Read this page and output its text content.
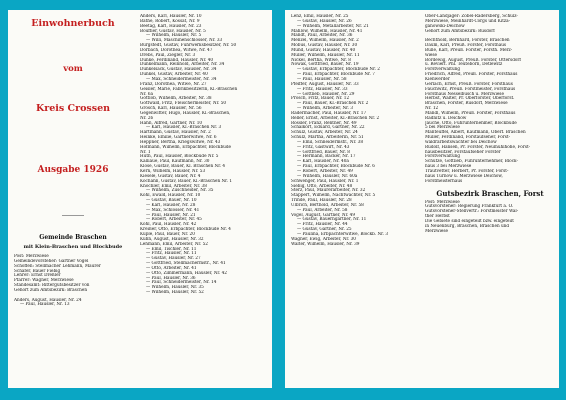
Einwohnerbuch
vom
Kreis Crossen
Ausgabe 1926
Gemeinde Braschen
mit Klein-Braschen und Blockbude
Post: Merzwiese
Gemeindevorsteher: Gärtner Vogel
Schöffen: Stellmacher Lehmann, Maurer
Schäfer, Bauer Fiebig
Lehrer: Ernst Dreßler
Pfarrer: Wagner, Merzwiese
Standesamt: Rittergutsbesitzer von
Gehört zum Amtsbezirk: Braschen
Anders, August, Häusler, Nr. 24
— Paul, Häusler, Nr. 13
Anders, Karl, Häusler, Nr. 10
Bathe, Robert, Kossät, Nr. 9
Beetag, Karl, Häusler, Nr. 23
Bouffier, Gustav, Häusler, Nr. 5
— Wilhelm, Häusler, Nr. 5
— Willi, Maschinenschlosser, Nr. 33
Burgstedt, Gustav, Fuhrwerksbesitzer, Nr. 50
Dorbach, Dorothea, Witwe, Nr. 47
Drebs, Paul, Ziegler, Nr. 3
Dunke, Ferdinand, Häusler, Nr. 40
Dunkelmann, Reinhold, Arbeiter, Nr. 34
Dunkelsack, Gustav, Häusler, Nr. 34
Dunkel, Gustav, Arbeiter, Nr. 40
— Max, Schneidermeister, Nr. 34
Franz, Dorothea, Witwe, Nr. 27
Geisler, Marie, Fabrikbesitzerin, Kl.-Braschen
Nr. 6a
Gottlob, Wilhelm, Arbeiter, Nr. 38
Gottwald, Fritz, Fleischermeister, Nr. 50
Grosch, Karl, Häusler, Nr. 56
Gegenwitter, Hugo, Häusler, Kl.-Braschen,
Nr. 26
Hahn, Alfred, Gärtner, Nr. 10
— Karl, Häusler, Kl.-Braschen Nr. 3
Hartmann, Gustav, Häusler, Nr. 2
Heinke, Emilie, Gärtnerwitwe, Nr. 6
Heppner, Bertha, Kriegswitwe, Nr. 43
Hofmann, Wilhelm, Erbpächter, Blockbude
Nr. 1
Huth, Paul, Häusler, Blockbude Nr. 5
Kalliaue, Paul, Kaufmann, Nr. 30
Klose, Gustav, Bauer, Kl. Braschen Nr. 4
Kern, Wilhelm, Häusler, Nr. 53
Kiesele, Gustav, Bauer, Nr. 4
Kochann, Gustav, Bauer, Kl.-Braschen Nr. 1
Knöchler, Emil, Arbeiter, Nr. 38
— Wilhelm, Zuschneider, Nr. 35
Kohl, Ewald, Häusler, Nr. 10
— Gustav, Bauer, Nr. 10
— Karl, Häusler, Nr. 28
— Max, Schlosser, Nr. 41
— Paul, Häusler, Nr. 21
— Robert, Arbeiter, Nr. 45
Kohl, Paul, Häusler, Nr. 42
Kreißer, Otto, Erbpächter, Blockbude Nr. 4
Kuple, Paul, Bauer, Nr. 20
Kuhn, August, Häusler, Nr. 32
Lehmann, Emil, Arbeiter, Nr. 52
— Emil, Tischler, Nr. 11
— Fritz, Häusler, Nr. 11
— Gustav, Häusler, Nr. 27
— Gottfried, Stellmachermstr., Nr. 41
— Otto, Arbeiter, Nr. 41
— Otto, Zimmermann, Häusler, Nr. 42
— Paul, Häusler, Nr. 36
— Paul, Schneidermeister, Nr. 14
— Wilhelm, Häusler, Nr. 35
— Wilhelm, Häusler, Nr. 52
Lenz, Emil, Häusler, Nr. 25
— Gustav, Häusler, Nr. 26
— Wilhelm, Metallarbeiter, Nr. 21
Mahlow, Wilhelm, Häusler, Nr. 41
Mandt, Paul, Arbeiter, Nr. 36
Menzel, Wilhelm, Häusler, Nr. 2
Möbus, Gustav, Häusler, Nr. 30
Mund, Gustav, Häusler, Nr. 40
Müller, Wilhelm, Häusler, Nr. 11
Nickel, Bertha, Witwe, Nr. 8
Nowak, Gottfried, Bauer, Nr. 19
— Gustav, Erbpächter, Blockbude Nr. 2
— Paul, Erbpächter, Blockbude Nr. 7
— Paul, Häusler, Nr. 58
Pfeiffer, August, Häusler, Nr. 33
— Fritz, Häusler, Nr. 33
— Gottlieb, Häusler, Nr. 29
Prosch, Fritz, Bauer, Nr. 12
— Paul, Bauer, Kl.-Braschen Nr. 2
— Wilhelm, Arbeiter, Nr. 3
Radermacher, Paul, Häusler, Nr. 17
Reller, Ernst, Arbeiter, Kl.-Braschen Nr. 2
Rössler, Franz, Rentner, Nr. 49
Schalkort, Eduard, Gärtner, Nr. 22
Schulz, Gustav, Arbeiter, Nr. 24
Schulz, Martha, Arbeiterin, Nr. 51
— Emil, Schneidermstr., Nr. 38
— Fritz, Gastwirt, Nr. 43
— Gottfried, Bauer, Nr. 8
— Hermann, Bäcker, Nr. 17
— Karl, Häusler, Nr. 40a
— Paul, Erbpächter, Blockbude Nr. 6
— Robert, Arbeiter, Nr. 49
— Wilhelm, Häusler, Nr. 60a
Schwenger, Paul, Häusler, Nr. 1
Siebig, Otto, Arbeiter, Nr. 48
Sterz, Paul, Maurerarbeiter, Nr. 32
Stappert, Wilhelm, Nachtwächter, Nr. 5
Trinde, Paul, Häusler, Nr. 28
Ulbrich, Berthold, Arbeiter, Nr. 58
— Paul, Arbeiter, Nr. 58
Vogel, August, Gärtner, Nr. 49
— Gustav, Bauerngärtner, Nr. 11
— Fritz, Häusler, Nr. 44
— Gustav, Gärtner, Nr. 25
— Paulina, Erbpächterwitwe, Blockb. Nr. 3
Wagner, Ewig, Arbeiter, Nr. 30
Walter, Wilhelm, Häusler, Nr. 39
Ober-Landjäger: Zobel-Rädersberg, Schulz-
Merzwiese, Meinhardt-Cörgs und Kitza-
ganowski-Deichow
Gehört zum Amtsbezirk: Rusdorf
Bechthold, Bernhard, Förster, Braschen
Daum, Karl, Preuß. Förster, Forsthaus
Bulle, Karl, Preuß. Förster, Forsth. Merz-
wiese
Bordewig, August, Preuß. Förster, Ottersdorf
u. Revierf. Phl. Teuteborn, Detlewitz
Forstverwaltung
Friedrich, Alfred, Preuß. Förster, Forsthaus
Kienwerder
Gerlach, Ernst, Preuß. Förster, Forsthaus
Fauchwitz, Preuß. Forstmeister, Forsthaus
Forsthaus Nesselbusch u. Merzwiese
Herbst, Walter, Pr. Oberförster, Oberförst.
Braschen, Förster, Rusdorf, Merzwiese
Nr. 12
Mandl, Wilhelm, Preuß. Förster, Forsthaus
Rädnitz u. Deichow
Jauche, Otto, Fuhrunternehmer, Blockbude
5 bei Merzwiese
Manteuffel, Albert, Kaufmann, Oberf. Braschen
Müller, Ferdinand, Forstaufseher, Forst-
waldrarbeitswächter bei Deichow
Rudolf, Hansen, Pr. Förster, Neumühlhöhe, Forst-
hausbesitzer, Forstaufseher Förster
Forstverwaltung
Schütze, Gottlieb, Fuhrunternehmer, Block-
haus 3 bei Merzwiese
Trautvetter, Herbert, Pr. Förster, Forst-
haus Turnow u. Merzwiese Deichow,
Forstmeisterhaus
Gutsbezirk Braschen, Forst
Post: Merzwiese
Gutsvorsteher: Regierung Frankfurt a. O.
Gutsvorsteher-Stellvertr.: Forstmeister Wal-
ther Herbst
Die Gebiete sind eingeteilt bzw. eingeteilt
in Neuenburg, Braschen, Braschen und
Merzwiese
